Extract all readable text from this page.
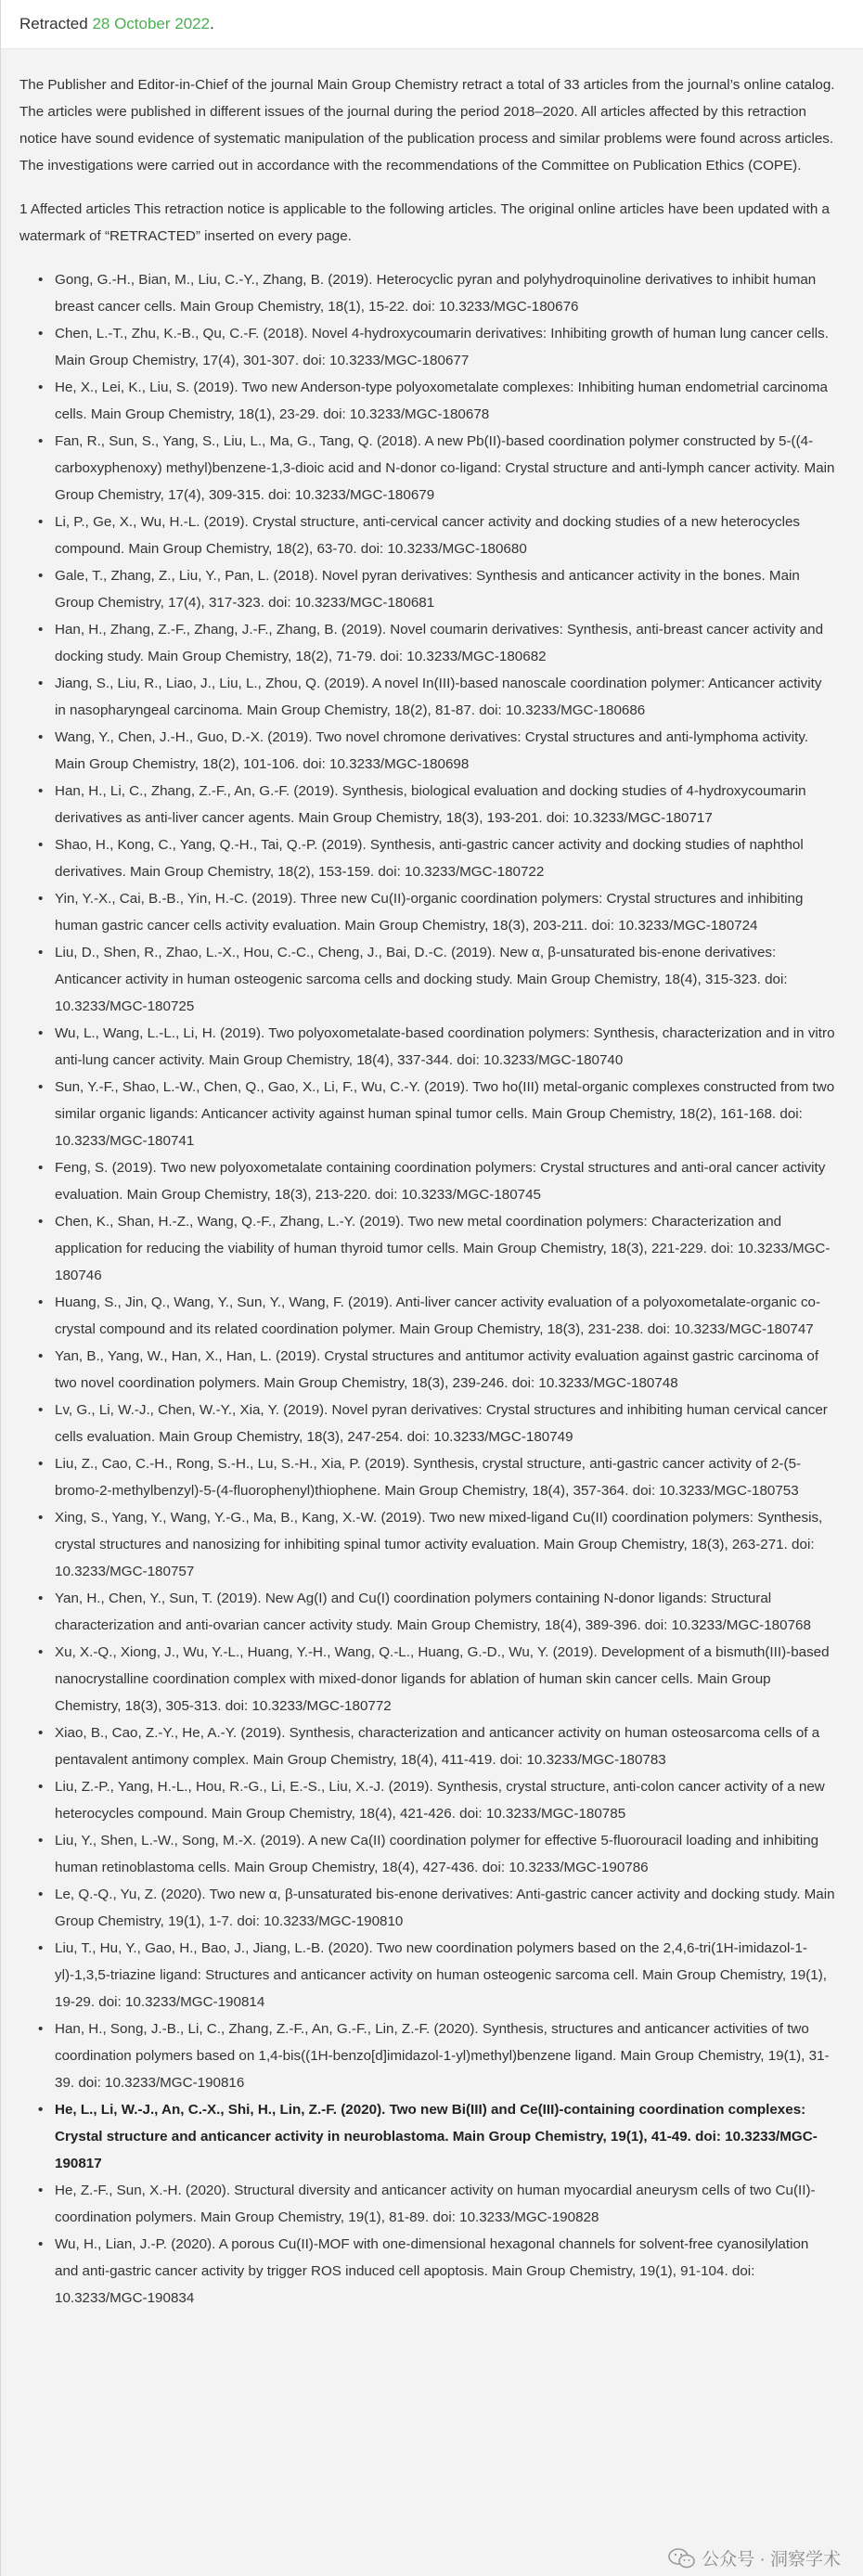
Retracted
28 October 2022 .

The Publisher and Editor-in-Chief of the journal Main Group Chemistry retract a total of 33 articles from the journal’s online catalog. The articles were published in different issues of the journal during the period 2018–2020. All articles affected by this retraction notice have sound evidence of systematic manipulation of the publication process and similar problems were found across articles. The investigations were carried out in accordance with the recommendations of the Committee on Publication Ethics (COPE).

1 Affected articles This retraction notice is applicable to the following articles. The original online articles have been updated with a watermark of “RETRACTED” inserted on every page.

• Gong, G.-H., Bian, M., Liu, C.-Y., Zhang, B. (2019). Heterocyclic pyran and polyhydroquinoline derivatives to inhibit human breast cancer cells. Main Group Chemistry, 18(1), 15-22. doi: 10.3233/MGC-180676
• Chen, L.-T., Zhu, K.-B., Qu, C.-F. (2018). Novel 4-hydroxycoumarin derivatives: Inhibiting growth of human lung cancer cells. Main Group Chemistry, 17(4), 301-307. doi: 10.3233/MGC-180677
• He, X., Lei, K., Liu, S. (2019). Two new Anderson-type polyoxometalate complexes: Inhibiting human endometrial carcinoma cells. Main Group Chemistry, 18(1), 23-29. doi: 10.3233/MGC-180678
• Fan, R., Sun, S., Yang, S., Liu, L., Ma, G., Tang, Q. (2018). A new Pb(II)-based coordination polymer constructed by 5-((4-carboxyphenoxy) methyl)benzene-1,3-dioic acid and N-donor co-ligand: Crystal structure and anti-lymph cancer activity. Main Group Chemistry, 17(4), 309-315. doi: 10.3233/MGC-180679
• Li, P., Ge, X., Wu, H.-L. (2019). Crystal structure, anti-cervical cancer activity and docking studies of a new heterocycles compound. Main Group Chemistry, 18(2), 63-70. doi: 10.3233/MGC-180680
• Gale, T., Zhang, Z., Liu, Y., Pan, L. (2018). Novel pyran derivatives: Synthesis and anticancer activity in the bones. Main Group Chemistry, 17(4), 317-323. doi: 10.3233/MGC-180681
• Han, H., Zhang, Z.-F., Zhang, J.-F., Zhang, B. (2019). Novel coumarin derivatives: Synthesis, anti-breast cancer activity and docking study. Main Group Chemistry, 18(2), 71-79. doi: 10.3233/MGC-180682
• Jiang, S., Liu, R., Liao, J., Liu, L., Zhou, Q. (2019). A novel In(III)-based nanoscale coordination polymer: Anticancer activity in nasopharyngeal carcinoma. Main Group Chemistry, 18(2), 81-87. doi: 10.3233/MGC-180686
• Wang, Y., Chen, J.-H., Guo, D.-X. (2019). Two novel chromone derivatives: Crystal structures and anti-lymphoma activity. Main Group Chemistry, 18(2), 101-106. doi: 10.3233/MGC-180698
• Han, H., Li, C., Zhang, Z.-F., An, G.-F. (2019). Synthesis, biological evaluation and docking studies of 4-hydroxycoumarin derivatives as anti-liver cancer agents. Main Group Chemistry, 18(3), 193-201. doi: 10.3233/MGC-180717
• Shao, H., Kong, C., Yang, Q.-H., Tai, Q.-P. (2019). Synthesis, anti-gastric cancer activity and docking studies of naphthol derivatives. Main Group Chemistry, 18(2), 153-159. doi: 10.3233/MGC-180722
• Yin, Y.-X., Cai, B.-B., Yin, H.-C. (2019). Three new Cu(II)-organic coordination polymers: Crystal structures and inhibiting human gastric cancer cells activity evaluation. Main Group Chemistry, 18(3), 203-211. doi: 10.3233/MGC-180724
• Liu, D., Shen, R., Zhao, L.-X., Hou, C.-C., Cheng, J., Bai, D.-C. (2019). New α, β-unsaturated bis-enone derivatives: Anticancer activity in human osteogenic sarcoma cells and docking study. Main Group Chemistry, 18(4), 315-323. doi: 10.3233/MGC-180725
• Wu, L., Wang, L.-L., Li, H. (2019). Two polyoxometalate-based coordination polymers: Synthesis, characterization and in vitro anti-lung cancer activity. Main Group Chemistry, 18(4), 337-344. doi: 10.3233/MGC-180740
• Sun, Y.-F., Shao, L.-W., Chen, Q., Gao, X., Li, F., Wu, C.-Y. (2019). Two ho(III) metal-organic complexes constructed from two similar organic ligands: Anticancer activity against human spinal tumor cells. Main Group Chemistry, 18(2), 161-168. doi: 10.3233/MGC-180741
• Feng, S. (2019). Two new polyoxometalate containing coordination polymers: Crystal structures and anti-oral cancer activity evaluation. Main Group Chemistry, 18(3), 213-220. doi: 10.3233/MGC-180745
• Chen, K., Shan, H.-Z., Wang, Q.-F., Zhang, L.-Y. (2019). Two new metal coordination polymers: Characterization and application for reducing the viability of human thyroid tumor cells. Main Group Chemistry, 18(3), 221-229. doi: 10.3233/MGC-180746
• Huang, S., Jin, Q., Wang, Y., Sun, Y., Wang, F. (2019). Anti-liver cancer activity evaluation of a polyoxometalate-organic co-crystal compound and its related coordination polymer. Main Group Chemistry, 18(3), 231-238. doi: 10.3233/MGC-180747
• Yan, B., Yang, W., Han, X., Han, L. (2019). Crystal structures and antitumor activity evaluation against gastric carcinoma of two novel coordination polymers. Main Group Chemistry, 18(3), 239-246. doi: 10.3233/MGC-180748
• Lv, G., Li, W.-J., Chen, W.-Y., Xia, Y. (2019). Novel pyran derivatives: Crystal structures and inhibiting human cervical cancer cells evaluation. Main Group Chemistry, 18(3), 247-254. doi: 10.3233/MGC-180749
• Liu, Z., Cao, C.-H., Rong, S.-H., Lu, S.-H., Xia, P. (2019). Synthesis, crystal structure, anti-gastric cancer activity of 2-(5-bromo-2-methylbenzyl)-5-(4-fluorophenyl)thiophene. Main Group Chemistry, 18(4), 357-364. doi: 10.3233/MGC-180753
• Xing, S., Yang, Y., Wang, Y.-G., Ma, B., Kang, X.-W. (2019). Two new mixed-ligand Cu(II) coordination polymers: Synthesis, crystal structures and nanosizing for inhibiting spinal tumor activity evaluation. Main Group Chemistry, 18(3), 263-271. doi: 10.3233/MGC-180757
• Yan, H., Chen, Y., Sun, T. (2019). New Ag(I) and Cu(I) coordination polymers containing N-donor ligands: Structural characterization and anti-ovarian cancer activity study. Main Group Chemistry, 18(4), 389-396. doi: 10.3233/MGC-180768
• Xu, X.-Q., Xiong, J., Wu, Y.-L., Huang, Y.-H., Wang, Q.-L., Huang, G.-D., Wu, Y. (2019). Development of a bismuth(III)-based nanocrystalline coordination complex with mixed-donor ligands for ablation of human skin cancer cells. Main Group Chemistry, 18(3), 305-313. doi: 10.3233/MGC-180772
• Xiao, B., Cao, Z.-Y., He, A.-Y. (2019). Synthesis, characterization and anticancer activity on human osteosarcoma cells of a pentavalent antimony complex. Main Group Chemistry, 18(4), 411-419. doi: 10.3233/MGC-180783
• Liu, Z.-P., Yang, H.-L., Hou, R.-G., Li, E.-S., Liu, X.-J. (2019). Synthesis, crystal structure, anti-colon cancer activity of a new heterocycles compound. Main Group Chemistry, 18(4), 421-426. doi: 10.3233/MGC-180785
• Liu, Y., Shen, L.-W., Song, M.-X. (2019). A new Ca(II) coordination polymer for effective 5-fluorouracil loading and inhibiting human retinoblastoma cells. Main Group Chemistry, 18(4), 427-436. doi: 10.3233/MGC-190786
• Le, Q.-Q., Yu, Z. (2020). Two new α, β-unsaturated bis-enone derivatives: Anti-gastric cancer activity and docking study. Main Group Chemistry, 19(1), 1-7. doi: 10.3233/MGC-190810
• Liu, T., Hu, Y., Gao, H., Bao, J., Jiang, L.-B. (2020). Two new coordination polymers based on the 2,4,6-tri(1H-imidazol-1-yl)-1,3,5-triazine ligand: Structures and anticancer activity on human osteogenic sarcoma cell. Main Group Chemistry, 19(1), 19-29. doi: 10.3233/MGC-190814
• Han, H., Song, J.-B., Li, C., Zhang, Z.-F., An, G.-F., Lin, Z.-F. (2020). Synthesis, structures and anticancer activities of two coordination polymers based on 1,4-bis((1H-benzo[d]imidazol-1-yl)methyl)benzene ligand. Main Group Chemistry, 19(1), 31-39. doi: 10.3233/MGC-190816
• He, L., Li, W.-J., An, C.-X., Shi, H., Lin, Z.-F. (2020). Two new Bi(III) and Ce(III)-containing coordination complexes: Crystal structure and anticancer activity in neuroblastoma. Main Group Chemistry, 19(1), 41-49. doi: 10.3233/MGC-190817
• He, Z.-F., Sun, X.-H. (2020). Structural diversity and anticancer activity on human myocardial aneurysm cells of two Cu(II)-coordination polymers. Main Group Chemistry, 19(1), 81-89. doi: 10.3233/MGC-190828
• Wu, H., Lian, J.-P. (2020). A porous Cu(II)-MOF with one-dimensional hexagonal channels for solvent-free cyanosilylation and anti-gastric cancer activity by trigger ROS induced cell apoptosis. Main Group Chemistry, 19(1), 91-104. doi: 10.3233/MGC-190834
公众号 · 洞察学术
